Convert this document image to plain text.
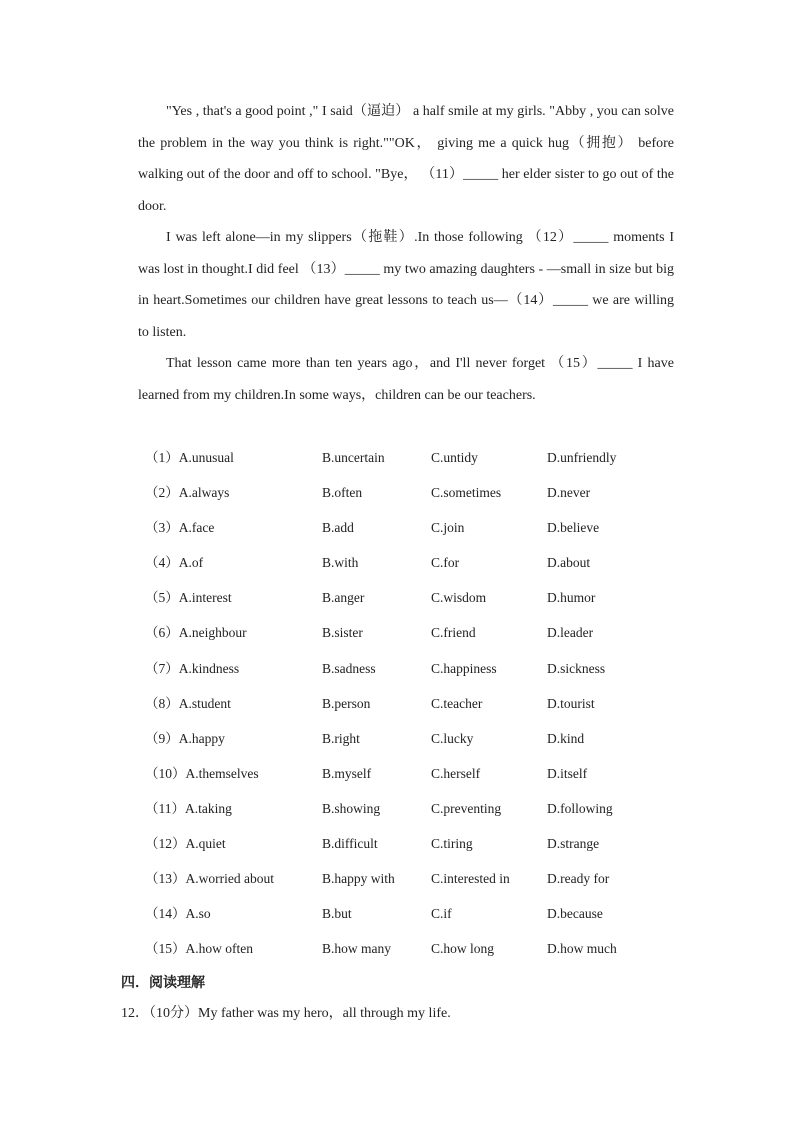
"Yes , that's a good point ," I said（逼迫） a half smile at my girls. "Abby , you can solve the problem in the way you think is right.""OK， giving me a quick hug（拥抱） before walking out of the door and off to school. "Bye， （11）_____ her elder sister to go out of the door.

I was left alone—in my slippers（拖鞋）.In those following （12）_____ moments I was lost in thought.I did feel （13）_____ my two amazing daughters - —small in size but big in heart.Sometimes our children have great lessons to teach us—（14）_____ we are willing to listen.

That lesson came more than ten years ago，and I'll never forget （15）_____ I have learned from my children.In some ways，children can be our teachers.

（1）A.unusual	B.uncertain	C.untidy	D.unfriendly
（2）A.always	B.often	C.sometimes	D.never
（3）A.face	B.add	C.join	D.believe
（4）A.of	B.with	C.for	D.about
（5）A.interest	B.anger	C.wisdom	D.humor
（6）A.neighbour	B.sister	C.friend	D.leader
（7）A.kindness	B.sadness	C.happiness	D.sickness
（8）A.student	B.person	C.teacher	D.tourist
（9）A.happy	B.right	C.lucky	D.kind
（10）A.themselves	B.myself	C.herself	D.itself
（11）A.taking	B.showing	C.preventing	D.following
（12）A.quiet	B.difficult	C.tiring	D.strange
（13）A.worried about	B.happy with	C.interested in	D.ready for
（14）A.so	B.but	C.if	D.because
（15）A.how often	B.how many	C.how long	D.how much
四．阅读理解
12．（10分）My father was my hero，all through my life.
